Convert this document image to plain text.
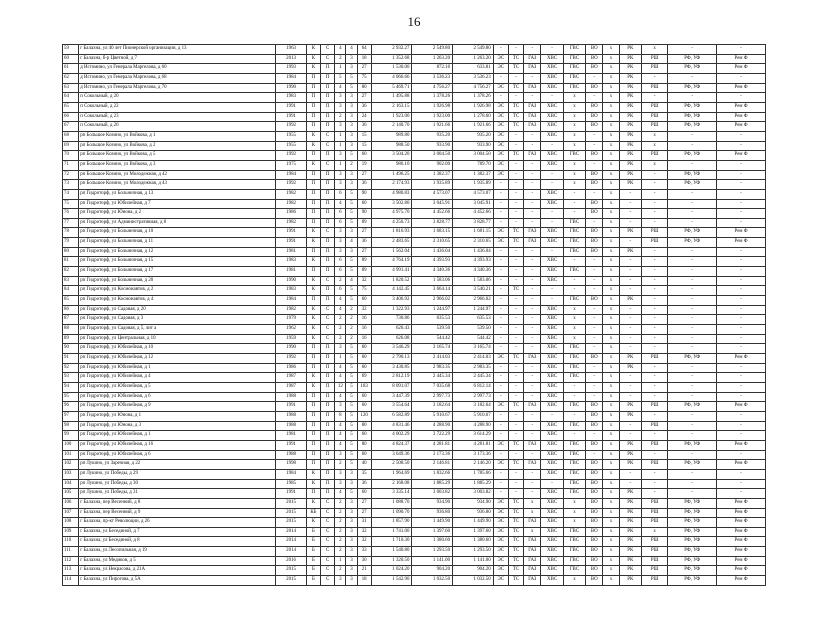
16
59	г Балахна, ул 40 лет Пионерской организации, д 13	1963	К	С	4	4	64	2 932.27	2 549.80	2 549.80	-	-	-	-	ГВС	ВО	х	РК	х	-	-
60	г Балахна, б-р Цветной, д 7	2013	К	С	2	3	18	1 352.68	1 263.20	1 263.20	ЭС	ТС	ГАЗ	ХВС	ГВС	ВО	х	РК	РШ	РФ, УФ	Рем Ф
61	д Истомино, ул Генерала Маргелова, д 60	1993	К	П	1	3	27	1 530.00	872.16	633.81	ЭС	ТС	ГАЗ	ХВС	ГВС	ВО	х	РК	РШ	РФ, УФ	Рем Ф
62	д Истомино, ул Генерала Маргелова, д 68	1984	П	П	5	5	75	4 066.66	3 536.23	3 536.23	-	-	-	ХВС	ГВС	-	х	РК	-	-	-
63	д Истомино, ул Генерала Маргелова, д 70	1990	П	П	4	5	80	5 469.71	4 756.27	4 756.27	ЭС	ТС	ГАЗ	ХВС	ГВС	ВО	х	РК	РШ	РФ, УФ	Рем Ф
64	п Сокольный, д 20	1983	П	П	3	3	27	1 495.88	1 378.26	1 378.26	-	-	-	-	х	-	х	РК	-	-	-
65	п Сокольный, д 22	1991	П	П	3	3	36	2 163.15	1 926.98	1 926.98	ЭС	ТС	ГАЗ	ХВС	х	ВО	х	РК	РШ	РФ, УФ	Рем Ф
66	п Сокольный, д 23	1991	П	П	2	3	24	1 923.00	1 923.00	1 278.60	ЭС	ТС	ГАЗ	ХВС	х	ВО	х	РК	РШ	РФ, УФ	Рем Ф
67	п Сокольный, д 26	1992	П	П	3	3	36	2 140.70	1 921.66	1 921.66	ЭС	ТС	ГАЗ	ХВС	х	ВО	х	РК	РШ	РФ, УФ	Рем Ф
68	рп Большое Козино, ул Войкова, д 1	1955	К	С	1	3	15	989.80	935.20	935.20	ЭС	-	-	ХВС	х	-	х	РК	х	-	-
69	рп Большое Козино, ул Войкова, д 2	1955	К	С	1	3	15	988.50	933.90	933.90	ЭС	-	-	-	х	-	х	РК	х	-	-
70	рп Большое Козино, ул Войкова, д 5	1992	П	П	3	5	60	3 504.20	3 004.50	3 004.50	ЭС	ТС	ГАЗ	ХВС	ГВС	ВО	х	РК	РШ	РФ, УФ	Рем Ф
71	рп Большое Козино, ул Войкова, д 3	1975	К	С	1	2	19	986.10	902.00	789.70	ЭС	-	-	ХВС	х	-	х	РК	х	-	-
72	рп Большое Козино, ул Молодежная, д 42	1984	П	П	3	3	27	1 496.25	1 382.37	1 382.37	ЭС	-	-	-	х	ВО	х	РК	-	РФ, УФ	-
73	рп Большое Козино, ул Молодежная, д 43	1992	П	П	3	3	36	2 174.93	1 935.89	1 935.89	-	-	-	-	х	ВО	х	РК	-	РФ, УФ	-
74	рп Гидроторф, ул Больничная, д 13	1982	П	П	6	5	90	4 980.83	4 573.07	4 573.07	-	-	-	ХВС	-	-	х	-	-	-	-
75	рп Гидроторф, ул Юбилейная, д 7	1982	П	П	4	5	60	3 502.80	3 045.91	3 045.91	-	-	-	ХВС	-	ВО	х	-	-	-	-
76	рп Гидроторф, ул Юнона, д 2	1986	П	П	6	5	90	4 975.70	4 452.66	4 452.66	-	-	-	-	-	ВО	х	-	-	-	-
77	рп Гидроторф, ул Административная, д 8	1982	П	П	6	5	89	4 256.73	3 828.77	3 828.77	-	-	-	-	ГВС	-	х	-	-	-	-
78	рп Гидроторф, ул Больничная, д 10	1991	К	С	3	3	27	1 816.93	1 683.15	1 681.15	ЭС	ТС	ГАЗ	ХВС	ГВС	ВО	х	РК	РШ	РФ, УФ	Рем Ф
79	рп Гидроторф, ул Больничная, д 11	1991	К	П	3	4	36	2 483.65	2 310.65	2 310.65	ЭС	ТС	ГАЗ	ХВС	ГВС	ВО	х	-	РШ	РФ, УФ	Рем Ф
80	рп Гидроторф, ул Больничная, д 12	1981	П	П	3	3	27	1 562.04	1 436.04	1 436.04	-	-	-	-	ГВС	ВО	х	РК	-	-	-
81	рп Гидроторф, ул Больничная, д 15	1983	К	П	6	5	89	4 764.19	4 393.93	4 393.93	-	-	-	ХВС	-	-	х	-	-	-	-
82	рп Гидроторф, ул Больничная, д 17	1981	П	П	6	5	89	4 991.41	4 340.36	4 340.36	-	-	-	ХВС	ГВС	-	х	-	-	-	-
83	рп Гидроторф, ул Больничная, д 20	1990	К	С	2	4	32	1 820.52	1 583.06	1 583.06	-	-	-	ХВС	-	-	х	-	-	-	-
84	рп Гидроторф, ул Космонавтов, д 2	1983	К	П	6	5	75	4 142.45	3 664.14	3 540.21	-	ТС	-	-	-	-	х	-	-	-	-
85	рп Гидроторф, ул Космонавтов, д 4	1984	П	П	4	5	60	3 406.92	2 966.02	2 966.02	-	-	-	-	ГВС	ВО	х	РК	-	-	-
86	рп Гидроторф, ул Садовая, д 20	1982	К	С	4	2	32	1 322.93	1 244.97	1 244.97	-	-	-	ХВС	х	-	х	-	-	-	-
87	рп Гидроторф, ул Садовая, д 3	1979	К	С	2	2	16	730.86	635.53	635.53	-	-	-	ХВС	х	-	х	-	-	-	-
88	рп Гидроторф, ул Садовая, д 5, лит а	1962	К	С	2	2	16	620.43	539.50	539.50	-	-	-	ХВС	х	-	х	-	-	-	-
89	рп Гидроторф, ул Центральная, д 10	1959	К	С	2	2	16	626.08	544.42	544.42	-	-	-	ХВС	х	-	х	-	-	-	-
90	рп Гидроторф, ул Юбилейная, д 10	1990	П	П	3	5	60	3 546.29	3 165.74	3 165.74	-	-	-	ХВС	ГВС	-	х	-	-	-	-
91	рп Гидроторф, ул Юбилейная, д 12	1992	П	П	1	5	60	2 790.13	2 414.03	2 414.03	ЭС	ТС	ГАЗ	ХВС	ГВС	ВО	х	РК	РШ	РФ, УФ	Рем Ф
92	рп Гидроторф, ул Юбилейная, д 1	1986	П	П	4	5	60	3 430.85	2 983.35	2 983.35	-	-	-	ХВС	ГВС	-	х	РК	-	-	-
93	рп Гидроторф, ул Юбилейная, д 4	1987	К	П	4	5	69	2 812.19	2 445.34	2 445.34	-	-	-	ХВС	ГВС	-	х	-	-	-	-
94	рп Гидроторф, ул Юбилейная, д 5	1987	К	П	12	5	183	8 091.07	7 035.68	6 812.14	-	-	-	ХВС	-	-	х	-	-	-	-
95	рп Гидроторф, ул Юбилейная, д 6	1988	П	П	4	5	60	3 447.39	2 997.73	2 997.73	-	-	-	ХВС	-	-	х	-	-	-	-
96	рп Гидроторф, ул Юбилейная, д 9	1991	П	П	3	5	60	3 554.64	3 182.64	3 182.64	ЭС	ТС	ГАЗ	ХВС	ГВС	ВО	х	РК	РШ	РФ, УФ	Рем Ф
97	рп Гидроторф, ул Юнона, д 1	1988	П	П	8	5	120	6 582.89	5 910.67	5 910.67	-	-	-	-	-	ВО	х	РК	-	-	-
98	рп Гидроторф, ул Юнона, д 3	1988	П	П	4	5	80	4 831.46	4 288.90	4 288.90	-	-	-	ХВС	ГВС	ВО	х	-	РШ	-	-
99	рп Гидроторф, ул Юбилейная, д 1	1981	П	П	4	5	60	4 002.29	3 722.29	3 614.29	-	-	-	ХВС	-	-	х	-	-	-	-
100	рп Гидроторф, ул Юбилейная, д 16	1991	П	П	4	5	80	4 824.37	4 281.81	4 281.81	ЭС	ТС	ГАЗ	ХВС	ГВС	ВО	х	РК	РШ	РФ, УФ	Рем Ф
101	рп Гидроторф, ул Юбилейная, д 6	1988	П	П	3	5	60	3 649.36	3 173.36	3 173.36	-	-	-	ХВС	ГВС	-	х	РК	-	-	-
102	рп Лукино, ул Заречная, д 22	1998	П	П	2	5	40	2 508.50	2 146.81	2 146.20	ЭС	ТС	ГАЗ	ХВС	ГВС	ВО	х	РК	РШ	РФ, УФ	Рем Ф
103	рп Лукино, ул Победы, д 29	1984	К	П	3	3	35	1 964.69	1 832.66	1 785.66	-	-	-	ХВС	ГВС	ВО	х	-	-	-	-
104	рп Лукино, ул Победы, д 30	1985	К	П	3	3	36	2 168.08	1 885.29	1 885.29	-	-	-	-	ГВС	ВО	х	-	-	-	-
105	рп Лукино, ул Победы, д 31	1991	П	П	4	5	60	3 335.14	3 003.82	3 003.82	-	-	-	ХВС	ГВС	ВО	х	РК	-	-	-
106	г Балахна, пер Весенний, д 8	2015	К	С	2	3	27	1 088.70	934.90	934.90	ЭС	ТС	х	ХВС	х	ВО	х	РК	РШ	РФ, УФ	Рем Ф
107	г Балахна, пер Весенний, д 9	2015	КБ	С	2	3	27	1 090.70	936.80	936.80	ЭС	ТС	х	ХВС	х	ВО	х	РК	РШ	РФ, УФ	Рем Ф
108	г Балахна, пр-кт Революции, д 26	2015	К	С	2	3	31	1 857.90	1 449.90	1 449.90	ЭС	ТС	ГАЗ	ХВС	х	ВО	х	РК	РШ	РФ, УФ	Рем Ф
109	г Балахна, ул Бесединой, д 7	2014	Б	С	2	3	32	1 741.00	1 397.60	1 397.60	ЭС	ТС	х	ХВС	ГВС	ВО	х	РК	х	РФ, УФ	Рем Ф
110	г Балахна, ул Бесединой, д 8	2014	Б	С	2	3	32	1 710.30	1 380.60	1 380.60	ЭС	ТС	ГАЗ	ХВС	ГВС	ВО	х	РК	РШ	РФ, УФ	Рем Ф
111	г Балахна, ул Лесопильная, д 19	2014	Б	С	2	3	33	1 540.80	1 293.50	1 293.50	ЭС	ТС	ГАЗ	ХВС	ГВС	ВО	х	РК	РШ	РФ, УФ	Рем Ф
112	г Балахна, ул Медиков, д 5	2016	Б	С	1	3	30	1 320.50	1 141.00	1 141.00	ЭС	ТС	ГАЗ	ХВС	ГВС	ВО	х	РК	РШ	РФ, УФ	Рем Ф
113	г Балахна, ул Некрасова, д 21А	2015	Б	С	2	3	21	1 024.20	904.20	904.20	ЭС	ТС	ГАЗ	ХВС	ГВС	ВО	х	РК	РШ	РФ, УФ	Рем Ф
114	г Балахна, ул Пирогова, д 5А	2015	Б	С	3	3	18	1 542.90	1 032.50	1 032.50	ЭС	ТС	ГАЗ	ХВС	х	ВО	х	РК	РШ	РФ, УФ	Рем Ф
